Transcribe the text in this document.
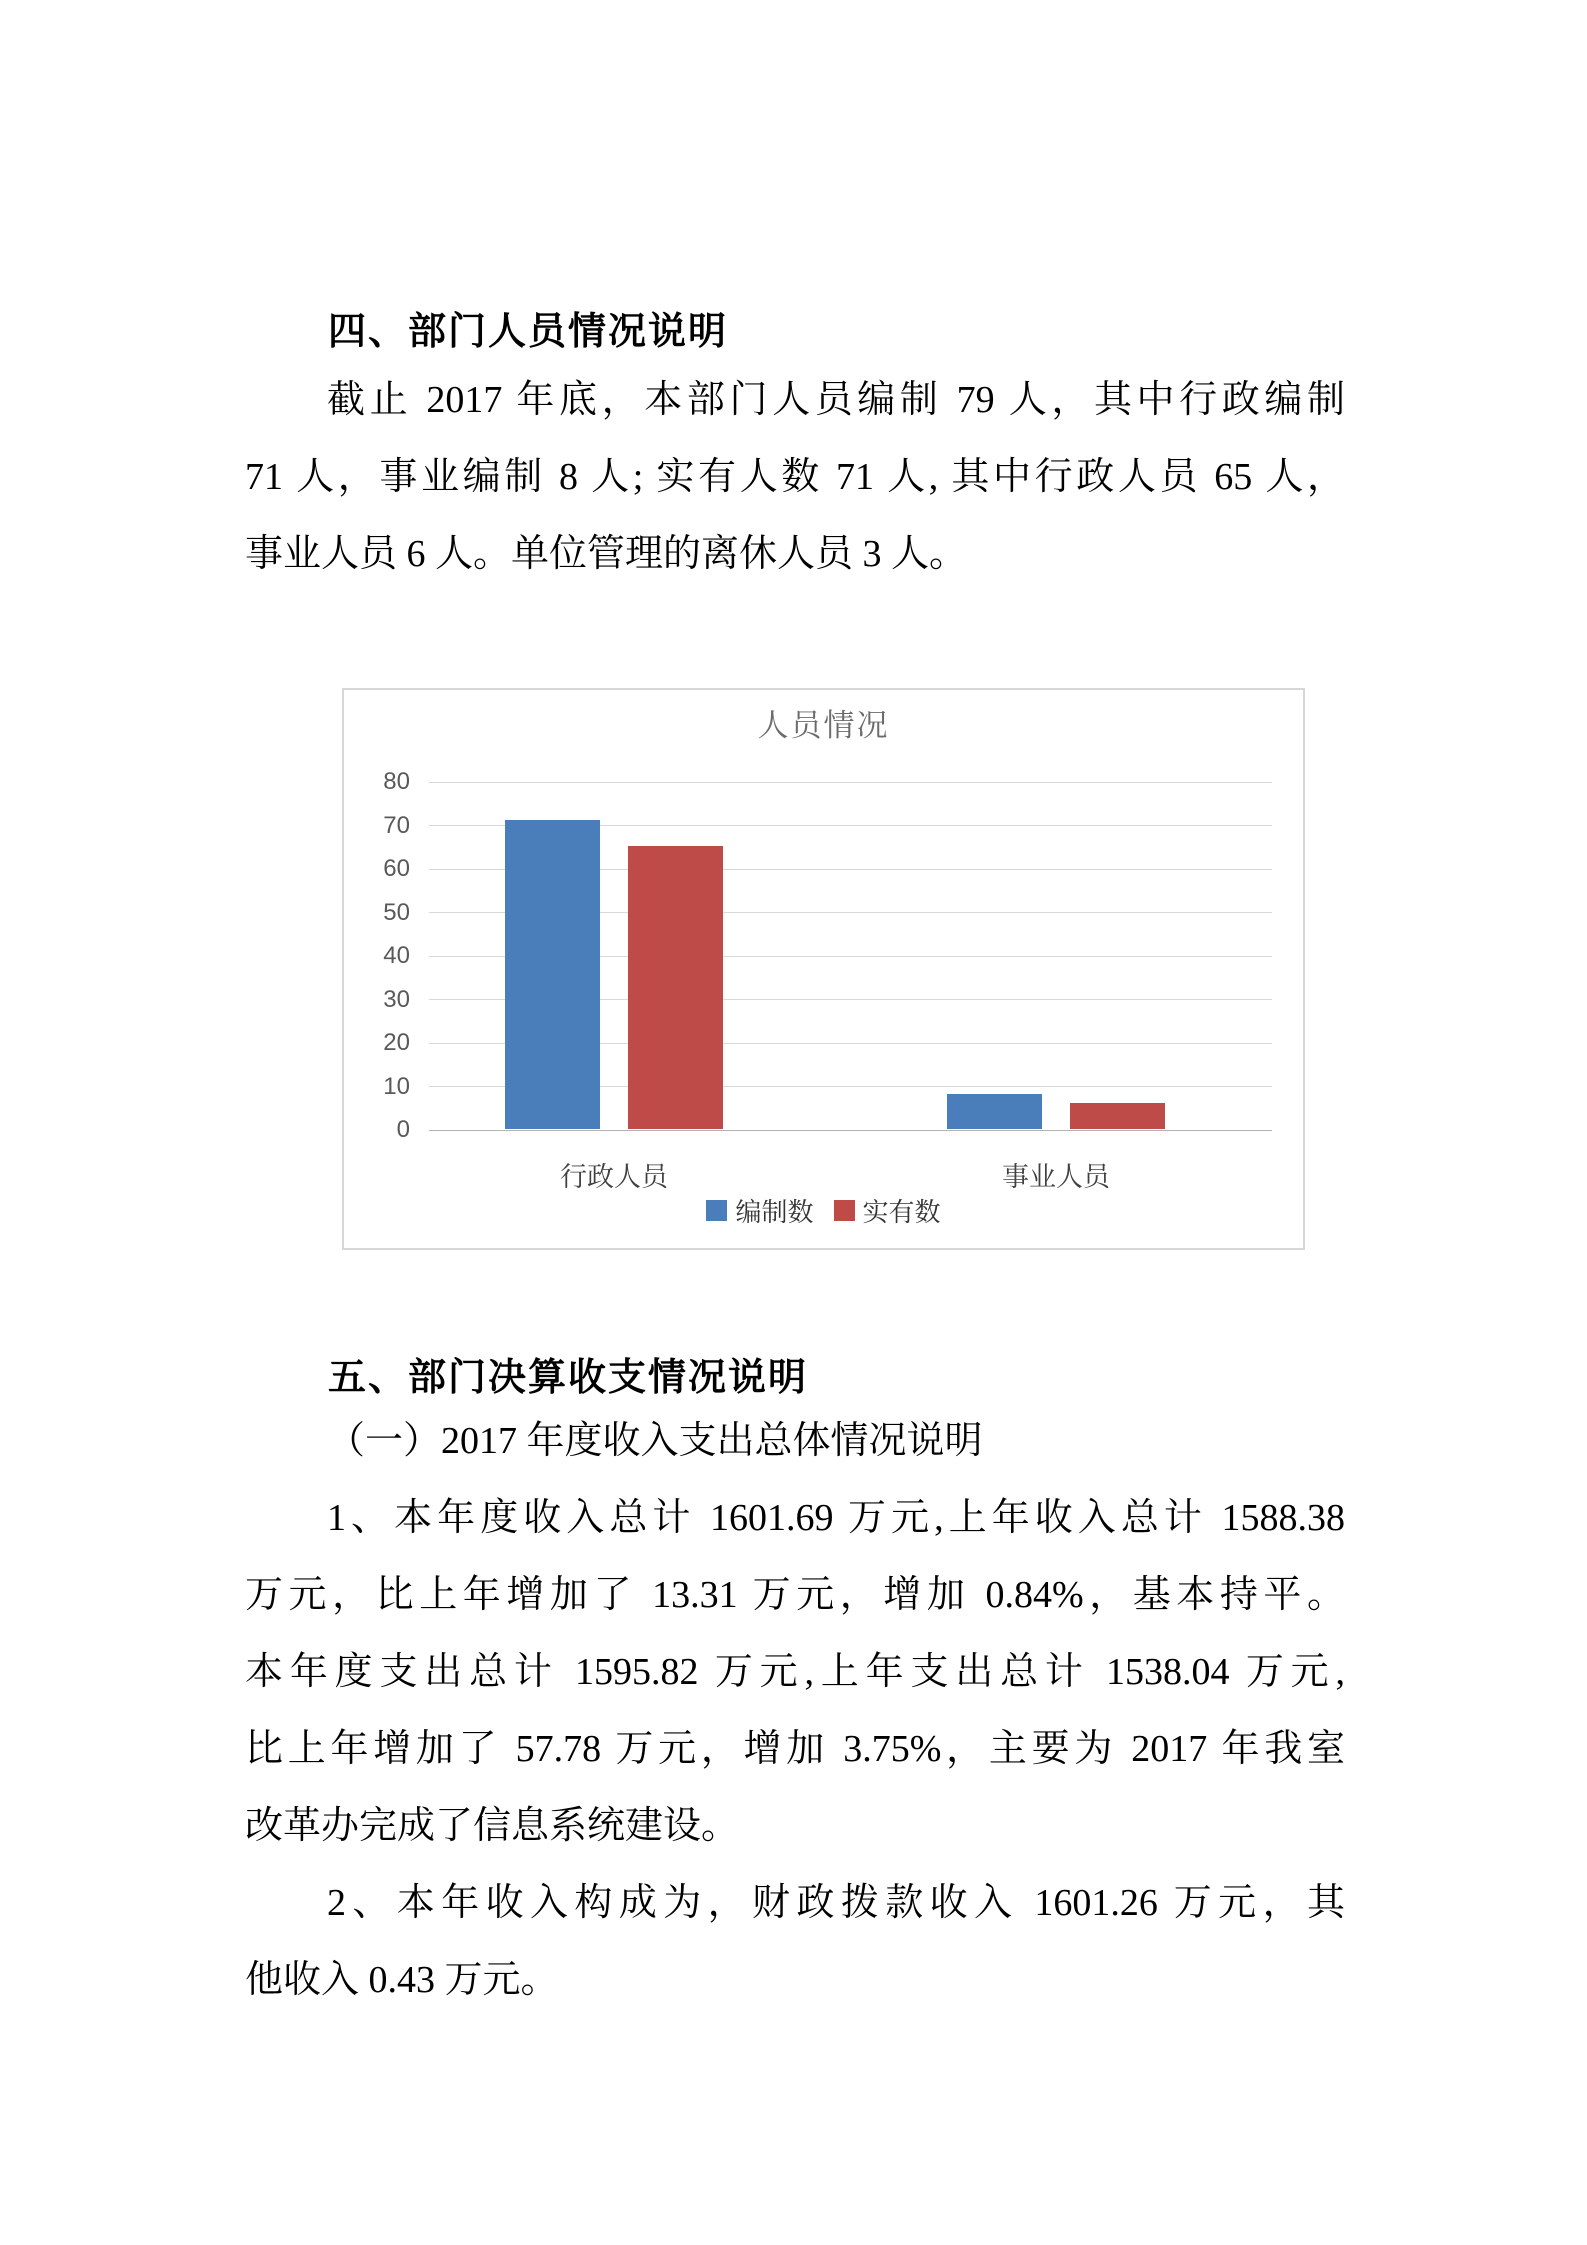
四、部门人员情况说明
截止 2017 年底，本部门人员编制 79 人，其中行政编制
71 人，事业编制 8 人; 实有人数 71 人, 其中行政人员 65 人，
事业人员 6 人。单位管理的离休人员 3 人。
人员情况
0
10
20
30
40
50
60
70
80
行政人员	事业人员
编制数 实有数
五、部门决算收支情况说明
（一）2017 年度收入支出总体情况说明
1、本年度收入总计 1601.69 万元,上年收入总计 1588.38
万元，比上年增加了 13.31 万元，增加 0.84%，基本持平。
本年度支出总计 1595.82 万元,上年支出总计 1538.04 万元,
比上年增加了 57.78 万元，增加 3.75%，主要为 2017 年我室
改革办完成了信息系统建设。
2、本年收入构成为，财政拨款收入 1601.26 万元，其
他收入 0.43 万元。
